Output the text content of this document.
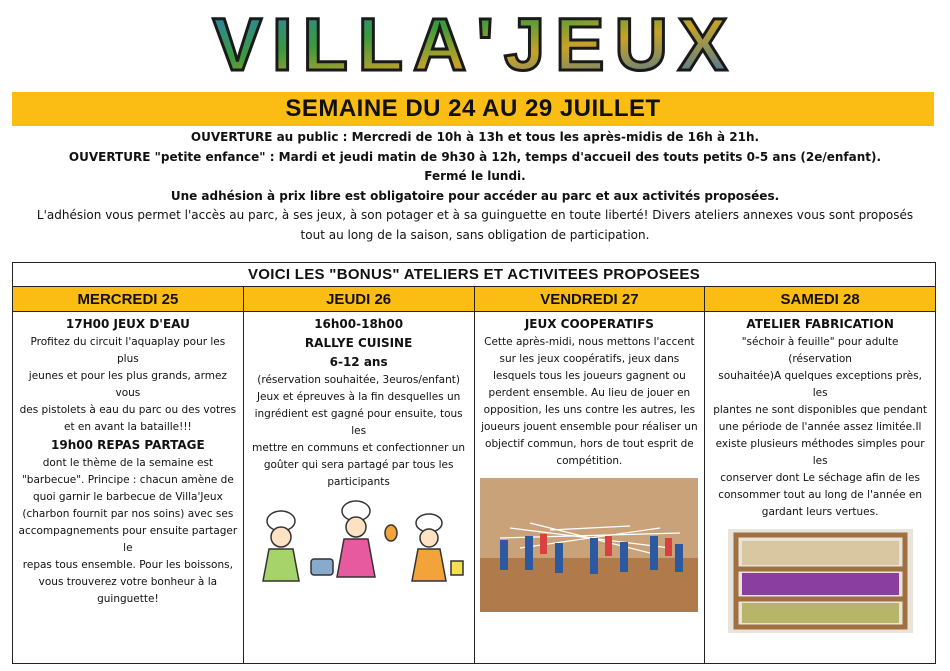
VILLA'JEUX
SEMAINE DU 24 AU 29 JUILLET
OUVERTURE au public : Mercredi de 10h à 13h et tous les après-midis de 16h à 21h.
OUVERTURE "petite enfance" : Mardi et jeudi matin de 9h30 à 12h, temps d'accueil des touts petits 0-5 ans (2e/enfant).
Fermé le lundi.
Une adhésion à prix libre est obligatoire pour accéder au parc et aux activités proposées.
L'adhésion vous permet l'accès au parc, à ses jeux, à son potager et à sa guinguette en toute liberté! Divers ateliers annexes vous sont proposés
tout au long de la saison, sans obligation de participation.
VOICI LES "BONUS" ATELIERS ET ACTIVITEES PROPOSEES
MERCREDI 25
17H00 JEUX D'EAU
Profitez du circuit l'aquaplay pour les plus
jeunes et pour les plus grands, armez vous
des pistolets à eau du parc ou des votres
et en avant la bataille!!!
19h00 REPAS PARTAGE
dont le thème de la semaine est
"barbecue". Principe : chacun amène de
quoi garnir le barbecue de Villa'Jeux
(charbon fournit par nos soins) avec ses
accompagnements pour ensuite partager le
repas tous ensemble. Pour les boissons,
vous trouverez votre bonheur à la
guinguette!
JEUDI 26
16h00-18h00
RALLYE CUISINE
6-12 ans
(réservation souhaitée, 3euros/enfant)
Jeux et épreuves à la fin desquelles un
ingrédient est gagné pour ensuite, tous les
mettre en communs et confectionner un
goûter qui sera partagé par tous les
participants
VENDREDI 27
JEUX COOPERATIFS
Cette après-midi, nous mettons l'accent
sur les jeux coopératifs, jeux dans
lesquels tous les joueurs gagnent ou
perdent ensemble. Au lieu de jouer en
opposition, les uns contre les autres, les
joueurs jouent ensemble pour réaliser un
objectif commun, hors de tout esprit de
compétition.
SAMEDI 28
ATELIER FABRICATION
"séchoir à feuille" pour adulte (réservation
souhaitée)A quelques exceptions près, les
plantes ne sont disponibles que pendant
une période de l'année assez limitée.Il
existe plusieurs méthodes simples pour les
conserver dont Le séchage afin de les
consommer tout au long de l'année en
gardant leurs vertues.
